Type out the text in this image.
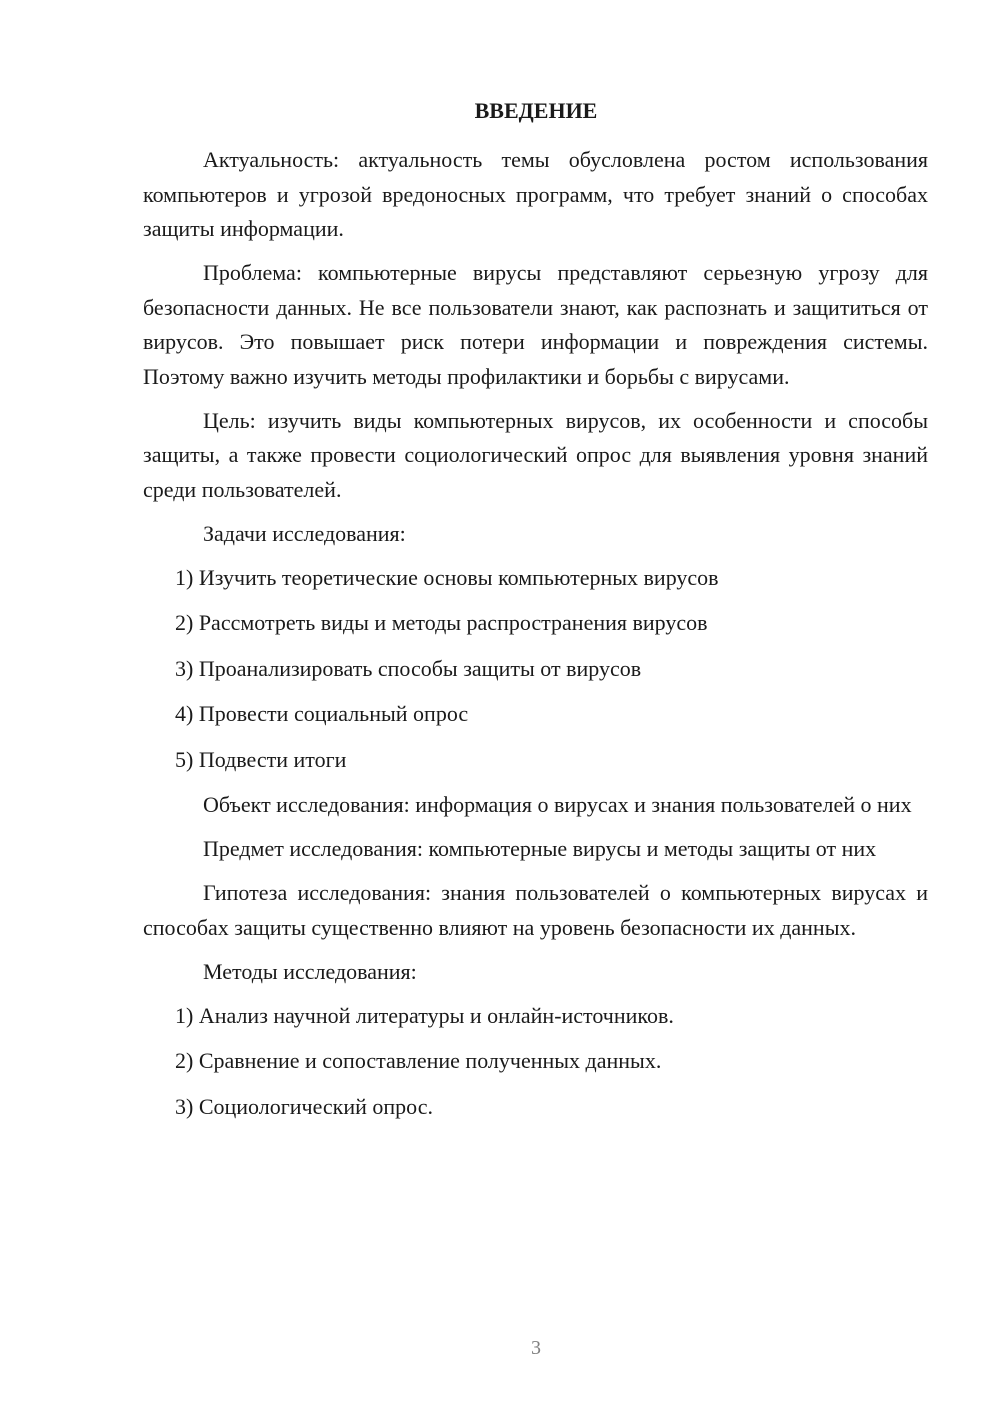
ВВЕДЕНИЕ

Актуальность: актуальность темы обусловлена ростом использования компьютеров и угрозой вредоносных программ, что требует знаний о способах защиты информации.

Проблема: компьютерные вирусы представляют серьезную угрозу для безопасности данных. Не все пользователи знают, как распознать и защититься от вирусов. Это повышает риск потери информации и повреждения системы. Поэтому важно изучить методы профилактики и борьбы с вирусами.

Цель: изучить виды компьютерных вирусов, их особенности и способы защиты, а также провести социологический опрос для выявления уровня знаний среди пользователей.

Задачи исследования:

1) Изучить теоретические основы компьютерных вирусов
2) Рассмотреть виды и методы распространения вирусов
3) Проанализировать способы защиты от вирусов
4) Провести социальный опрос
5) Подвести итоги

Объект исследования: информация о вирусах и знания пользователей о них

Предмет исследования: компьютерные вирусы и методы защиты от них

Гипотеза исследования: знания пользователей о компьютерных вирусах и способах защиты существенно влияют на уровень безопасности их данных.

Методы исследования:

1) Анализ научной литературы и онлайн-источников.
2) Сравнение и сопоставление полученных данных.
3) Социологический опрос.
3
